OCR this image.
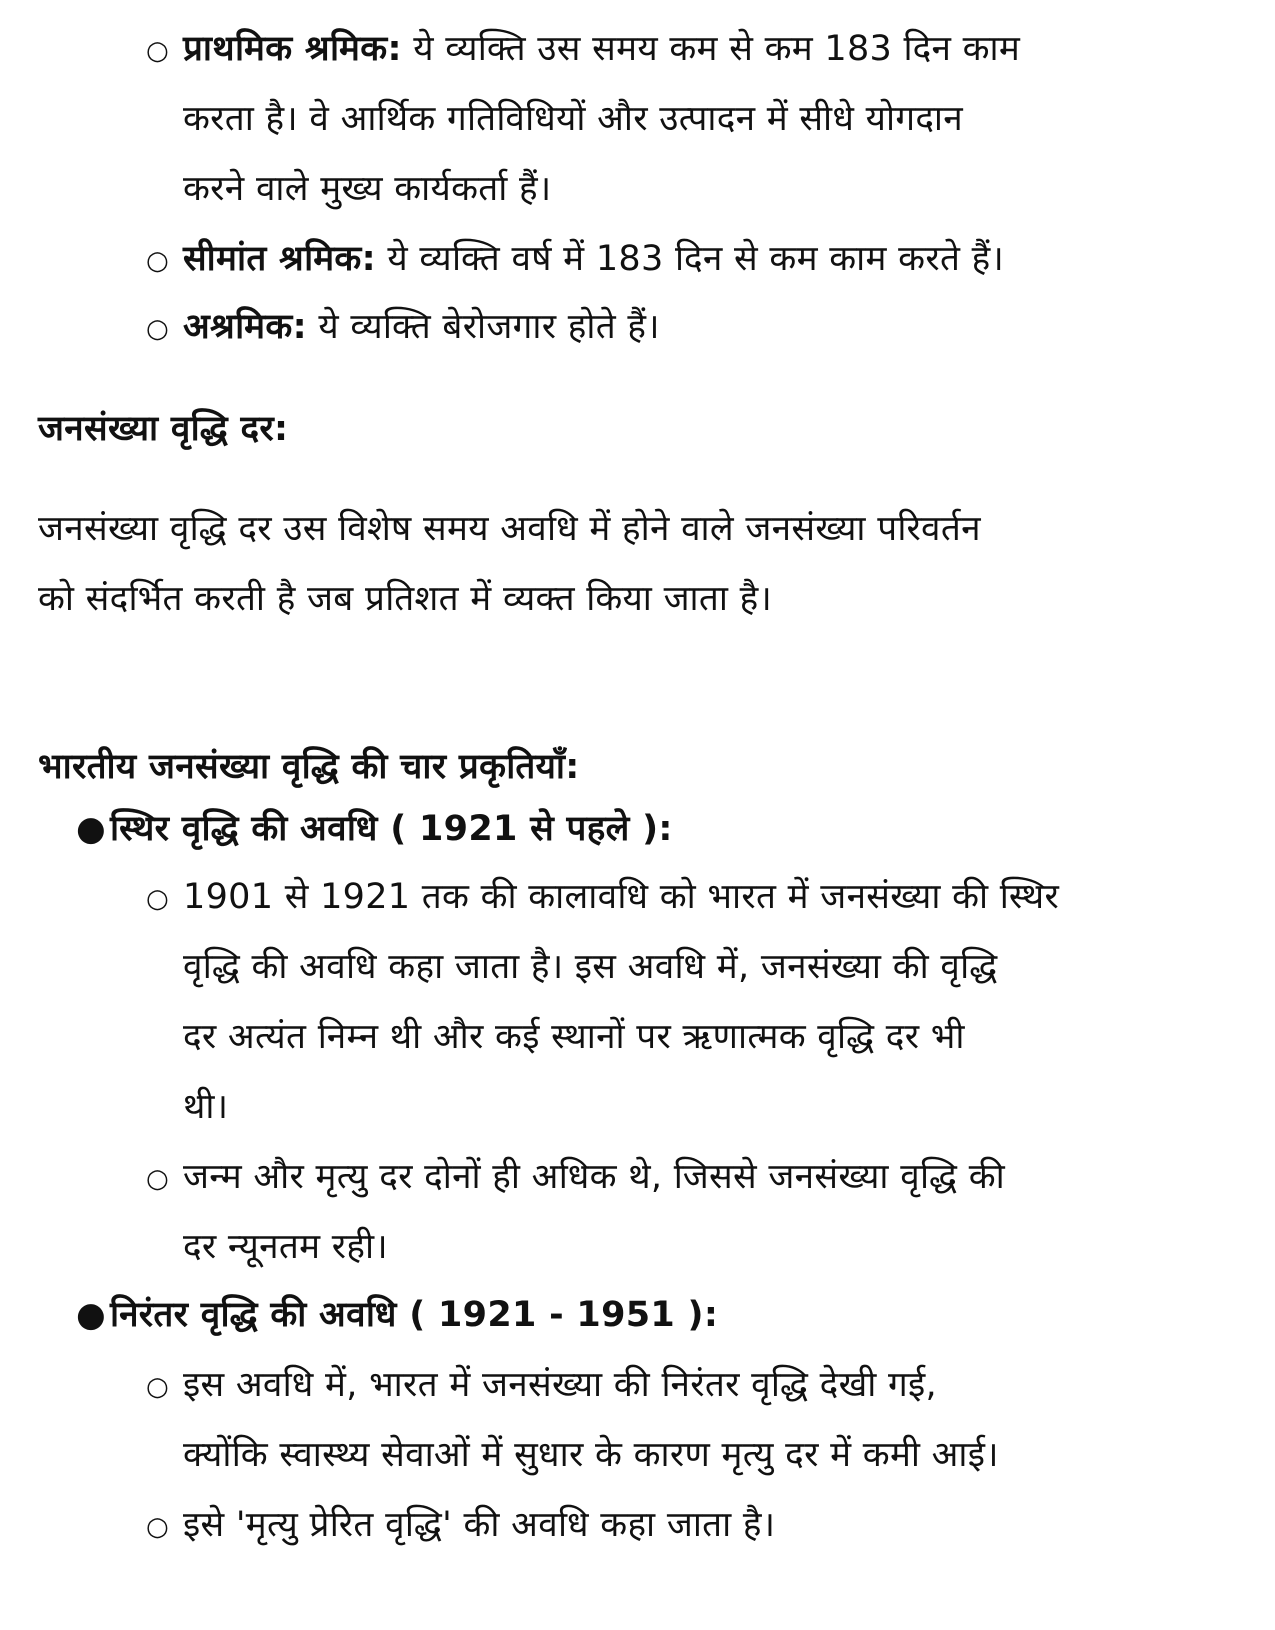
○ प्राथमिक श्रमिक: ये व्यक्ति उस समय कम से कम 183 दिन काम
करता है। वे आर्थिक गतिविधियों और उत्पादन में सीधे योगदान
करने वाले मुख्य कार्यकर्ता हैं।
○ सीमांत श्रमिक: ये व्यक्ति वर्ष में 183 दिन से कम काम करते हैं।
○ अश्रमिक: ये व्यक्ति बेरोजगार होते हैं।
जनसंख्या वृद्धि दर:
जनसंख्या वृद्धि दर उस विशेष समय अवधि में होने वाले जनसंख्या परिवर्तन
को संदर्भित करती है जब प्रतिशत में व्यक्त किया जाता है।
भारतीय जनसंख्या वृद्धि की चार प्रकृतियाँ:
● स्थिर वृद्धि की अवधि ( 1921 से पहले ):
○ 1901 से 1921 तक की कालावधि को भारत में जनसंख्या की स्थिर
वृद्धि की अवधि कहा जाता है। इस अवधि में, जनसंख्या की वृद्धि
दर अत्यंत निम्न थी और कई स्थानों पर ऋणात्मक वृद्धि दर भी
थी।
○ जन्म और मृत्यु दर दोनों ही अधिक थे, जिससे जनसंख्या वृद्धि की
दर न्यूनतम रही।
● निरंतर वृद्धि की अवधि ( 1921 - 1951 ):
○ इस अवधि में, भारत में जनसंख्या की निरंतर वृद्धि देखी गई,
क्योंकि स्वास्थ्य सेवाओं में सुधार के कारण मृत्यु दर में कमी आई।
○ इसे 'मृत्यु प्रेरित वृद्धि' की अवधि कहा जाता है।
